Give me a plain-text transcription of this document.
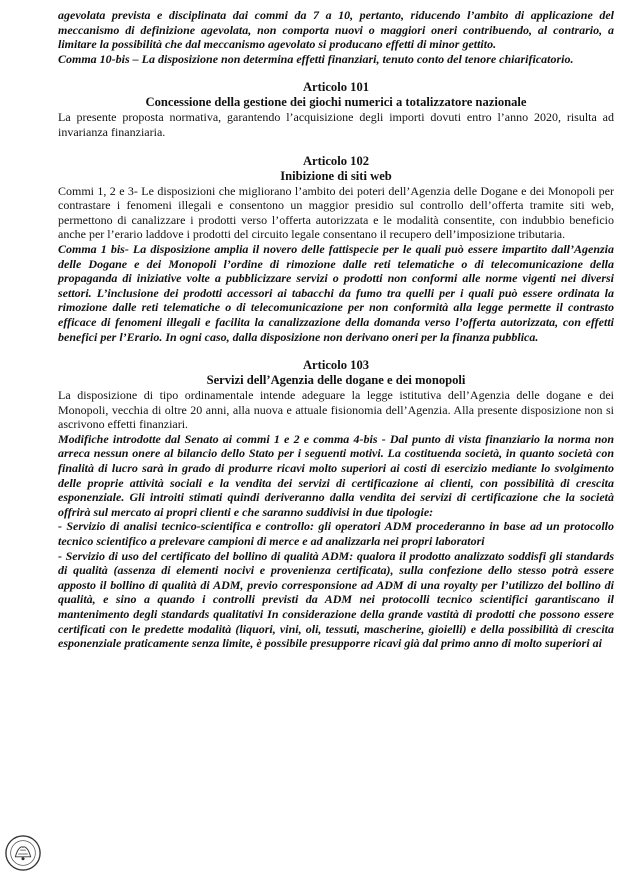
agevolata prevista e disciplinata dai commi da 7 a 10, pertanto, riducendo l’ambito di applicazione del meccanismo di definizione agevolata, non comporta nuovi o maggiori oneri contribuendo, al contrario, a limitare la possibilità che dal meccanismo agevolato si producano effetti di minor gettito.

Comma 10-bis – La disposizione non determina effetti finanziari, tenuto conto del tenore chiarificatorio.

Articolo 101
Concessione della gestione dei giochi numerici a totalizzatore nazionale

La presente proposta normativa, garantendo l’acquisizione degli importi dovuti entro l’anno 2020, risulta ad invarianza finanziaria.

Articolo 102
Inibizione di siti web

Commi 1, 2 e 3- Le disposizioni che migliorano l’ambito dei poteri dell’Agenzia delle Dogane e dei Monopoli per contrastare i fenomeni illegali e consentono un maggior presidio sul controllo dell’offerta tramite siti web, permettono di canalizzare i prodotti verso l’offerta autorizzata e le modalità consentite, con indubbio beneficio anche per l’erario laddove i prodotti del circuito legale consentano il recupero dell’imposizione tributaria.

Comma 1 bis- La disposizione amplia il novero delle fattispecie per le quali può essere impartito dall’Agenzia delle Dogane e dei Monopoli l’ordine di rimozione dalle reti telematiche o di telecomunicazione della propaganda di iniziative volte a pubblicizzare servizi o prodotti non conformi alle norme vigenti nei diversi settori. L’inclusione dei prodotti accessori ai tabacchi da fumo tra quelli per i quali può essere ordinata la rimozione dalle reti telematiche o di telecomunicazione per non conformità alla legge permette il contrasto efficace di fenomeni illegali e facilita la canalizzazione della domanda verso l’offerta autorizzata, con effetti benefici per l’Erario. In ogni caso, dalla disposizione non derivano oneri per la finanza pubblica.

Articolo 103
Servizi dell’Agenzia delle dogane e dei monopoli

La disposizione di tipo ordinamentale intende adeguare la legge istitutiva dell’Agenzia delle dogane e dei Monopoli, vecchia di oltre 20 anni, alla nuova e attuale fisionomia dell’Agenzia. Alla presente disposizione non si ascrivono effetti finanziari.

Modifiche introdotte dal Senato ai commi 1 e 2 e comma 4-bis - Dal punto di vista finanziario la norma non arreca nessun onere al bilancio dello Stato per i seguenti motivi. La costituenda società, in quanto società con finalità di lucro sarà in grado di produrre ricavi molto superiori ai costi di esercizio mediante lo svolgimento delle proprie attività sociali e la vendita dei servizi di certificazione ai clienti, con possibilità di crescita esponenziale. Gli introiti stimati quindi deriveranno dalla vendita dei servizi di certificazione che la società offrirà sul mercato ai propri clienti e che saranno suddivisi in due tipologie:

- Servizio di analisi tecnico-scientifica e controllo: gli operatori ADM procederanno in base ad un protocollo tecnico scientifico a prelevare campioni di merce e ad analizzarla nei propri laboratori

- Servizio di uso del certificato del bollino di qualità ADM: qualora il prodotto analizzato soddisfi gli standards di qualità (assenza di elementi nocivi e provenienza certificata), sulla confezione dello stesso potrà essere apposto il bollino di qualità di ADM, previo corresponsione ad ADM di una royalty per l’utilizzo del bollino di qualità, e sino a quando i controlli previsti da ADM nei protocolli tecnico scientifici garantiscano il mantenimento degli standards qualitativi In considerazione della grande vastità di prodotti che possono essere certificati con le predette modalità (liquori, vini, oli, tessuti, mascherine, gioielli) e della possibilità di crescita esponenziale praticamente senza limite, è possibile presupporre ricavi già dal primo anno di molto superiori ai
